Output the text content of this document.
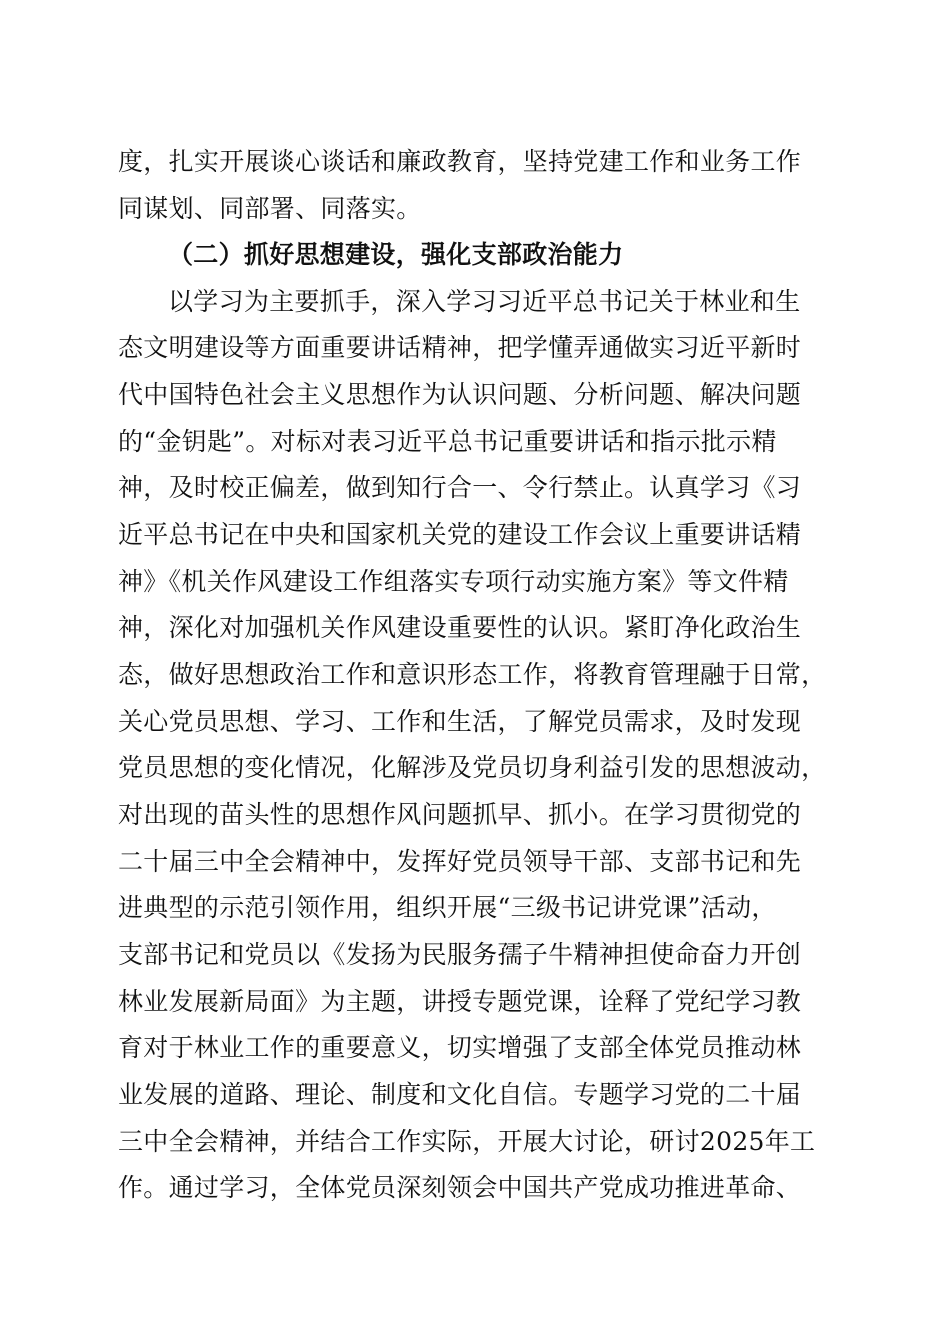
度，扎实开展谈心谈话和廉政教育，坚持党建工作和业务工作
同谋划、同部署、同落实。
（二）抓好思想建设，强化支部政治能力
以学习为主要抓手，深入学习习近平总书记关于林业和生
态文明建设等方面重要讲话精神，把学懂弄通做实习近平新时
代中国特色社会主义思想作为认识问题、分析问题、解决问题
的“金钥匙”。对标对表习近平总书记重要讲话和指示批示精
神，及时校正偏差，做到知行合一、令行禁止。认真学习《习
近平总书记在中央和国家机关党的建设工作会议上重要讲话精
神》《机关作风建设工作组落实专项行动实施方案》等文件精
神，深化对加强机关作风建设重要性的认识。紧盯净化政治生
态，做好思想政治工作和意识形态工作，将教育管理融于日常，
关心党员思想、学习、工作和生活，了解党员需求，及时发现
党员思想的变化情况，化解涉及党员切身利益引发的思想波动，
对出现的苗头性的思想作风问题抓早、抓小。在学习贯彻党的
二十届三中全会精神中，发挥好党员领导干部、支部书记和先
进典型的示范引领作用，组织开展“三级书记讲党课”活动，
支部书记和党员以《发扬为民服务孺子牛精神担使命奋力开创
林业发展新局面》为主题，讲授专题党课，诠释了党纪学习教
育对于林业工作的重要意义，切实增强了支部全体党员推动林
业发展的道路、理论、制度和文化自信。专题学习党的二十届
三中全会精神，并结合工作实际，开展大讨论，研讨2025年工
作。通过学习，全体党员深刻领会中国共产党成功推进革命、
